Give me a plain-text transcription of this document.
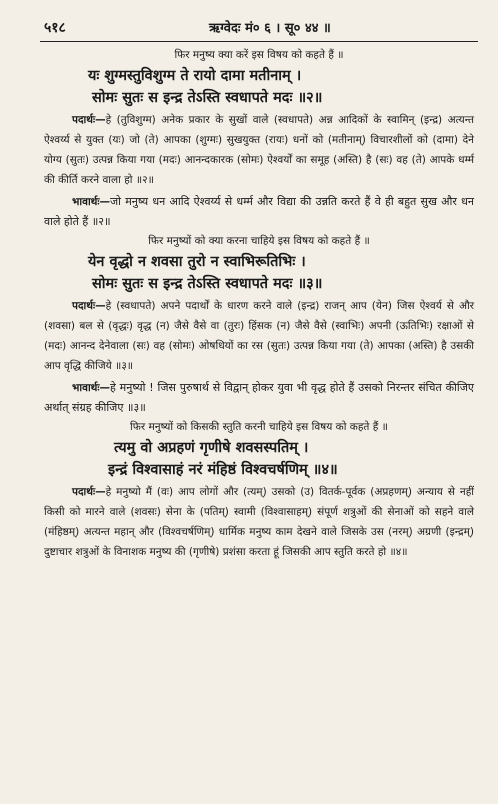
५१८	ऋग्वेदः मं० ६ । सू० ४४ ॥
फिर मनुष्य क्या करें इस विषय को कहते हैं ॥
यः शुग्मस्तुविशुग्म ते रायो दामा मतीनाम् ।
सोमः सुतः स इन्द्र तेऽस्ति स्वधापते मदः ॥२॥
पदार्थः—हे (तुविशुग्म) अनेक प्रकार के सुखों वाले (स्वधापते) अन्न आदिकों के स्वामिन् (इन्द्र) अत्यन्त ऐश्वर्य्य से युक्त (यः) जो (ते) आपका (शुग्मः) सुखयुक्त (रायः) धनों को (मतीनाम्) विचारशीलों को (दामा) देने योग्य (सुतः) उत्पन्न किया गया (मदः) आनन्दकारक (सोमः) ऐश्वर्यों का समूह (अस्ति) है (सः) वह (ते) आपके धर्म्म की कीर्ति करने वाला हो ॥२॥
भावार्थः—जो मनुष्य धन आदि ऐश्वर्य्य से धर्म्म और विद्या की उन्नति करते हैं वे ही बहुत सुख और धन वाले होते हैं ॥२॥
फिर मनुष्यों को क्या करना चाहिये इस विषय को कहते हैं ॥
येन वृद्धो न शवसा तुरो न स्वाभिरूतिभिः ।
सोमः सुतः स इन्द्र तेऽस्ति स्वधापते मदः ॥३॥
पदार्थः—हे (स्वधापते) अपने पदार्थों के धारण करने वाले (इन्द्र) राजन् आप (येन) जिस ऐश्वर्य से और (शवसा) बल से (वृद्धः) वृद्ध (न) जैसे वैसे वा (तुरः) हिंसक (न) जैसे वैसे (स्वाभिः) अपनी (ऊतिभिः) रक्षाओं से (मदः) आनन्द देनेवाला (सः) वह (सोमः) ओषधियों का रस (सुतः) उत्पन्न किया गया (ते) आपका (अस्ति) है उसकी आप वृद्धि कीजिये ॥३॥
भावार्थः—हे मनुष्यो ! जिस पुरुषार्थ से विद्वान् होकर युवा भी वृद्ध होते हैं उसको निरन्तर संचित कीजिए अर्थात् संग्रह कीजिए ॥३॥
फिर मनुष्यों को किसकी स्तुति करनी चाहिये इस विषय को कहते हैं ॥
त्यमु वो अप्रहणं गृणीषे शवसस्पतिम् ।
इन्द्रं विश्वासाहं नरं मंहिष्ठं विश्वचर्षणिम् ॥४॥
पदार्थः—हे मनुष्यो मैं (वः) आप लोगों और (त्यम्) उसको (उ) वितर्क-पूर्वक (अप्रहणम्) अन्याय से नहीं किसी को मारने वाले (शवसः) सेना के (पतिम्) स्वामी (विश्वासाहम्) संपूर्ण शत्रुओं की सेनाओं को सहने वाले (मंहिष्ठम्) अत्यन्त महान् और (विश्वचर्षणिम्) धार्मिक मनुष्य काम देखने वाले जिसके उस (नरम्) अग्रणी (इन्द्रम्) दुष्टाचार शत्रुओं के विनाशक मनुष्य की (गृणीषे) प्रशंसा करता हूं जिसकी आप स्तुति करते हो ॥४॥
